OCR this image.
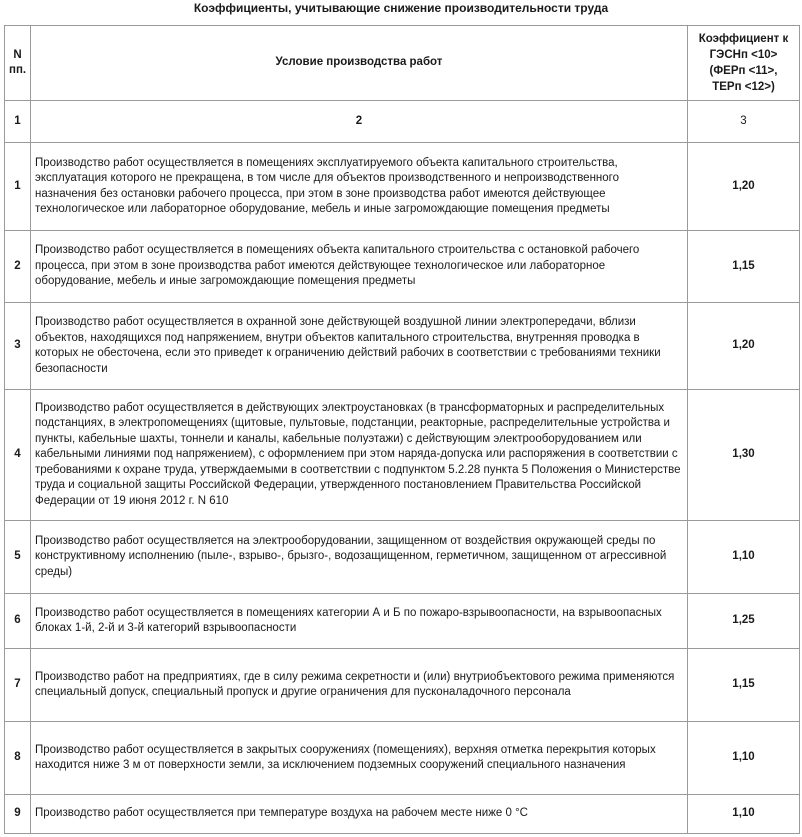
Коэффициенты, учитывающие снижение производительности труда
N пп.	Условие производства работ	Коэффициент к ГЭСНп <10> (ФЕРп <11>, ТЕРп <12>)
1	2	3
1	Производство работ осуществляется в помещениях эксплуатируемого объекта капитального строительства, эксплуатация которого не прекращена, в том числе для объектов производственного и непроизводственного назначения без остановки рабочего процесса, при этом в зоне производства работ имеются действующее технологическое или лабораторное оборудование, мебель и иные загромождающие помещения предметы	1,20
2	Производство работ осуществляется в помещениях объекта капитального строительства с остановкой рабочего процесса, при этом в зоне производства работ имеются действующее технологическое или лабораторное оборудование, мебель и иные загромождающие помещения предметы	1,15
3	Производство работ осуществляется в охранной зоне действующей воздушной линии электропередачи, вблизи объектов, находящихся под напряжением, внутри объектов капитального строительства, внутренняя проводка в которых не обесточена, если это приведет к ограничению действий рабочих в соответствии с требованиями техники безопасности	1,20
4	Производство работ осуществляется в действующих электроустановках (в трансформаторных и распределительных подстанциях, в электропомещениях (щитовые, пультовые, подстанции, реакторные, распределительные устройства и пункты, кабельные шахты, тоннели и каналы, кабельные полуэтажи) с действующим электрооборудованием или кабельными линиями под напряжением), с оформлением при этом наряда-допуска или распоряжения в соответствии с требованиями к охране труда, утверждаемыми в соответствии с подпунктом 5.2.28 пункта 5 Положения о Министерстве труда и социальной защиты Российской Федерации, утвержденного постановлением Правительства Российской Федерации от 19 июня 2012 г. N 610	1,30
5	Производство работ осуществляется на электрооборудовании, защищенном от воздействия окружающей среды по конструктивному исполнению (пыле-, взрыво-, брызго-, водозащищенном, герметичном, защищенном от агрессивной среды)	1,10
6	Производство работ осуществляется в помещениях категории А и Б по пожаро-взрывоопасности, на взрывоопасных блоках 1-й, 2-й и 3-й категорий взрывоопасности	1,25
7	Производство работ на предприятиях, где в силу режима секретности и (или) внутриобъектового режима применяются специальный допуск, специальный пропуск и другие ограничения для пусконаладочного персонала	1,15
8	Производство работ осуществляется в закрытых сооружениях (помещениях), верхняя отметка перекрытия которых находится ниже 3 м от поверхности земли, за исключением подземных сооружений специального назначения	1,10
9	Производство работ осуществляется при температуре воздуха на рабочем месте ниже 0 °C	1,10
